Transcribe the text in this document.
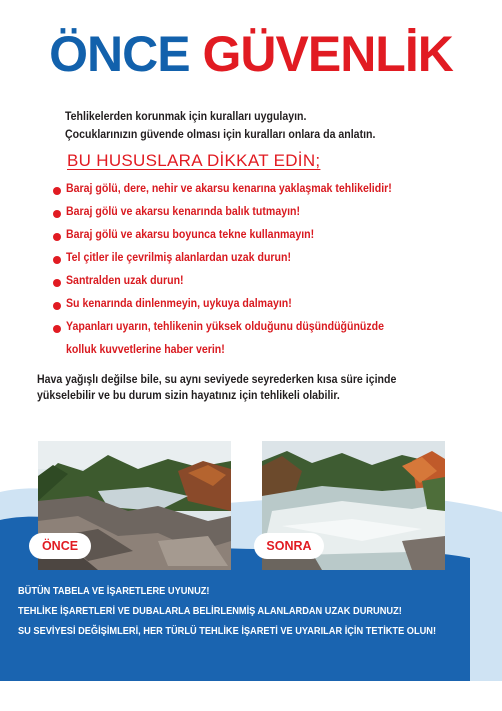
ÖNCE GÜVENLİK
Tehlikelerden korunmak için kuralları uygulayın.
Çocuklarınızın güvende olması için kuralları onlara da anlatın.
BU HUSUSLARA DİKKAT EDİN;
Baraj gölü, dere, nehir ve akarsu kenarına yaklaşmak tehlikelidir!
Baraj gölü ve akarsu kenarında balık tutmayın!
Baraj gölü ve akarsu boyunca tekne kullanmayın!
Tel çitler ile çevrilmiş alanlardan uzak durun!
Santralden uzak durun!
Su kenarında dinlenmeyin, uykuya dalmayın!
Yapanları uyarın, tehlikenin yüksek olduğunu düşündüğünüzde
kolluk kuvvetlerine haber verin!
Hava yağışlı değilse bile, su aynı seviyede seyrederken kısa süre içinde
yükselebilir ve bu durum sizin hayatınız için tehlikeli olabilir.
ÖNCE	SONRA
BÜTÜN TABELA VE İŞARETLERE UYUNUZ!
TEHLİKE İŞARETLERİ VE DUBALARLA BELİRLENMİŞ ALANLARDAN UZAK DURUNUZ!
SU SEVİYESİ DEĞİŞİMLERİ, HER TÜRLÜ TEHLİKE İŞARETİ VE UYARILAR İÇİN TETİKTE OLUN!
